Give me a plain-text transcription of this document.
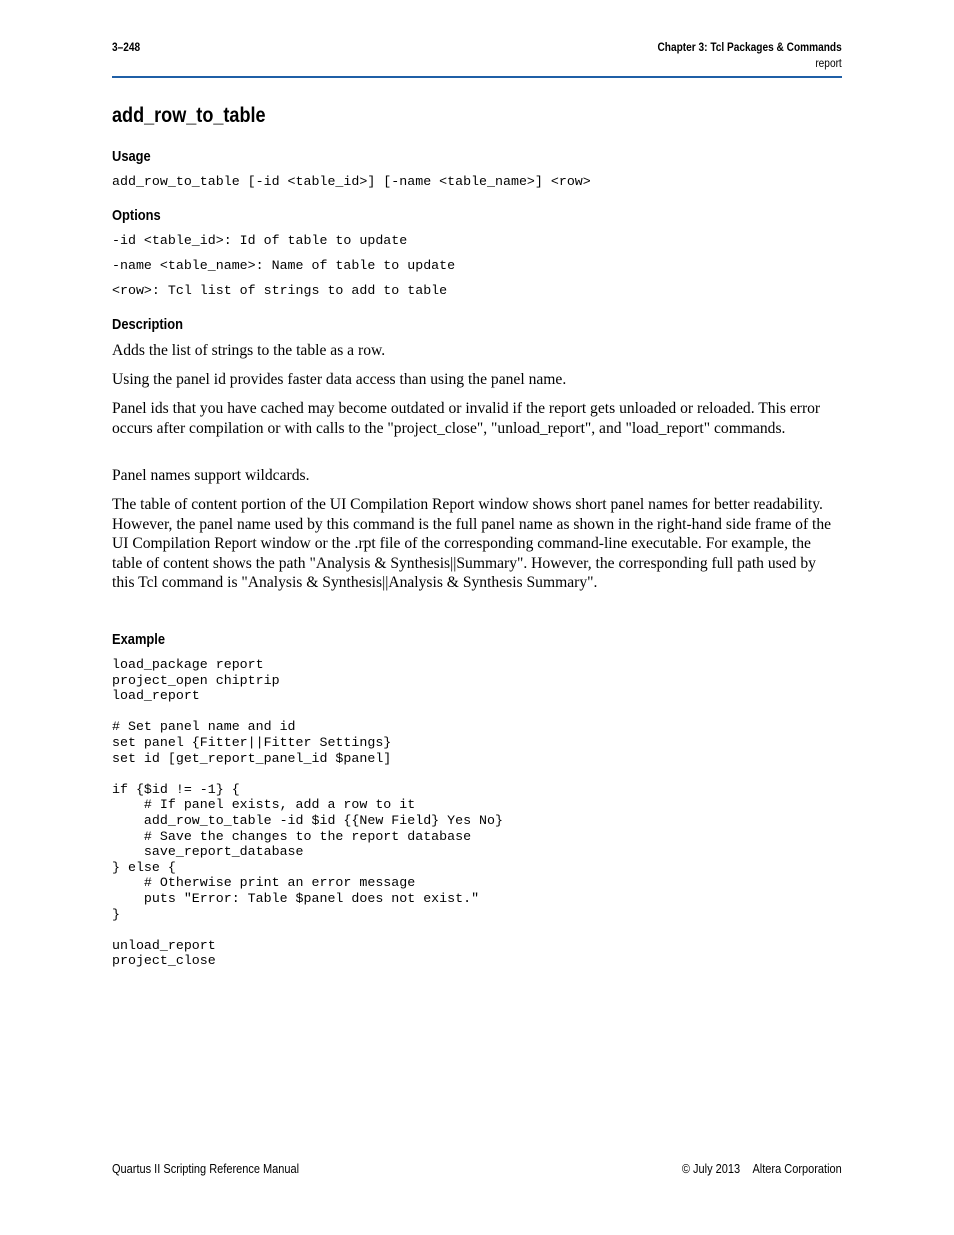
3–248	Chapter 3: Tcl Packages & Commands
report
add_row_to_table
Usage
add_row_to_table [-id <table_id>] [-name <table_name>] <row>
Options
-id <table_id>: Id of table to update
-name <table_name>: Name of table to update
<row>: Tcl list of strings to add to table
Description

Adds the list of strings to the table as a row.

Using the panel id provides faster data access than using the panel name.

Panel ids that you have cached may become outdated or invalid if the report gets unloaded or reloaded. This error occurs after compilation or with calls to the "project_close", "unload_report", and "load_report" commands.

Panel names support wildcards.

The table of content portion of the UI Compilation Report window shows short panel names for better readability. However, the panel name used by this command is the full panel name as shown in the right-hand side frame of the UI Compilation Report window or the .rpt file of the corresponding command-line executable. For example, the table of content shows the path "Analysis & Synthesis||Summary". However, the corresponding full path used by this Tcl command is "Analysis & Synthesis||Analysis & Synthesis Summary".

Example
load_package report
project_open chiptrip
load_report

# Set panel name and id
set panel {Fitter||Fitter Settings}
set id [get_report_panel_id $panel]

if {$id != -1} {
# If panel exists, add a row to it
add_row_to_table -id $id {{New Field} Yes No}
# Save the changes to the report database
save_report_database
} else {
# Otherwise print an error message
puts "Error: Table $panel does not exist."
}

unload_report
project_close
Quartus II Scripting Reference Manual	© July 2013 Altera Corporation
